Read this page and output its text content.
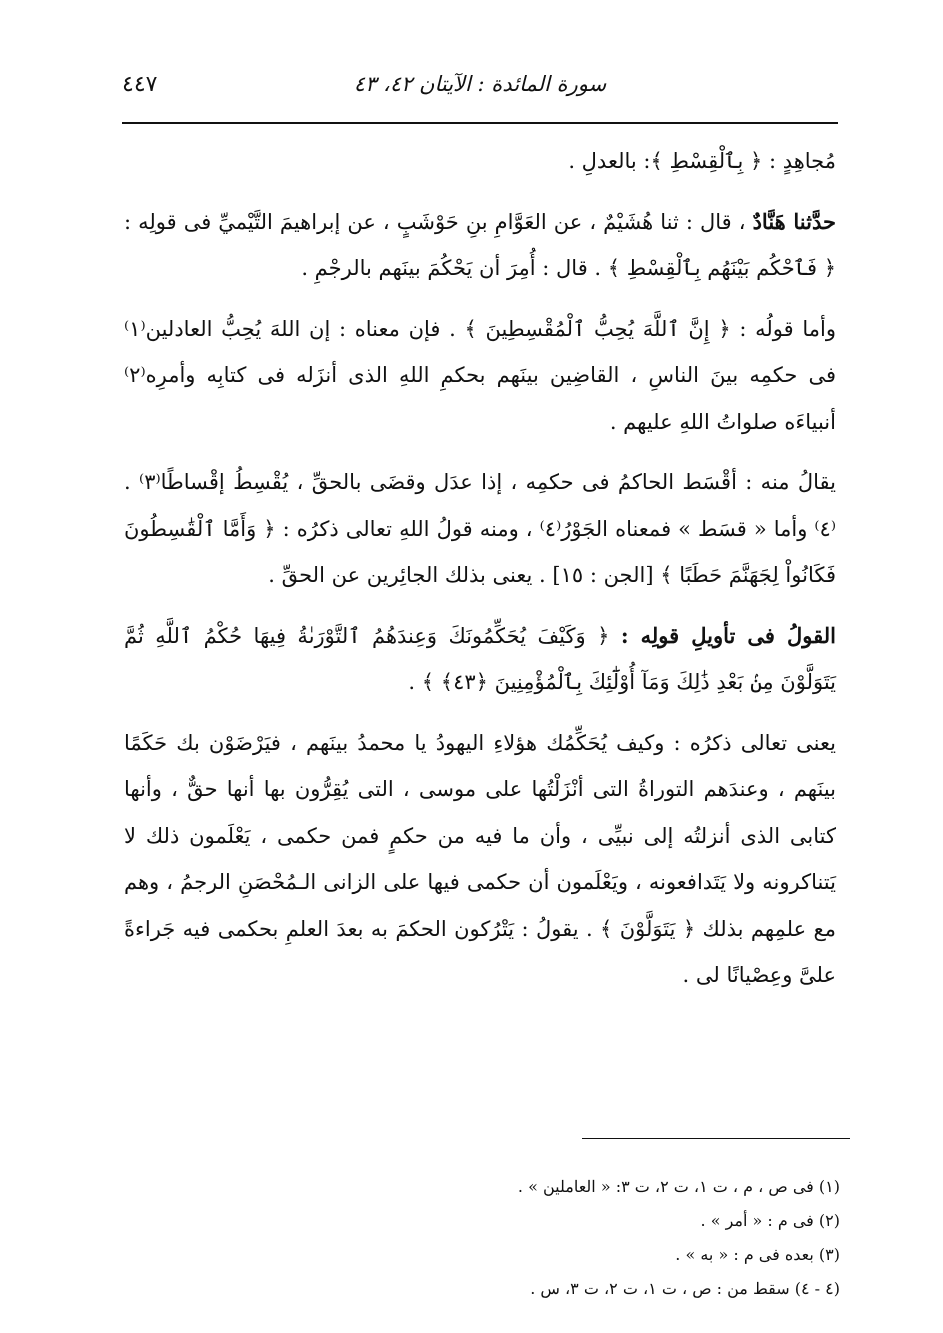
سورة المائدة : الآيتان ٤٢، ٤٣
٤٤٧

مُجاهِدٍ : ﴿ بِٱلْقِسْطِ ﴾: بالعدلِ .

حدَّثنا هَنَّادٌ ، قال : ثنا هُشَيْمٌ ، عن العَوَّامِ بنِ حَوْشَبٍ ، عن إبراهيمَ التَّيْميِّ فى قولِه : ﴿ فَٱحْكُم بَيْنَهُم بِٱلْقِسْطِ ﴾ . قال : أُمِرَ أن يَحْكُمَ بينَهم بالرجْمِ .

وأما قولُه : ﴿ إِنَّ ٱللَّهَ يُحِبُّ ٱلْمُقْسِطِينَ ﴾ . فإن معناه : إن اللهَ يُحِبُّ العادلين⁽١⁾ فى حكمِه بينَ الناسِ ، القاضِين بينَهم بحكمِ اللهِ الذى أنزَله فى كتابِه وأمرِه⁽٢⁾ أنبياءَه صلواتُ اللهِ عليهم .

يقالُ منه : أقْسَط الحاكمُ فى حكمِه ، إذا عدَل وقضَى بالحقِّ ، يُقْسِطُ إقْساطًا⁽٣⁾ . ⁽٤⁾ وأما « قسَط » فمعناه الجَوْرُ⁽٤⁾ ، ومنه قولُ اللهِ تعالى ذكرُه : ﴿ وَأَمَّا ٱلْقَٰسِطُونَ فَكَانُواْ لِجَهَنَّمَ حَطَبًا ﴾ [الجن : ١٥] . يعنى بذلك الجائِرين عن الحقِّ .

القولُ فى تأويلِ قولِه : ﴿ وَكَيْفَ يُحَكِّمُونَكَ وَعِندَهُمُ ٱلتَّوْرَىٰةُ فِيهَا حُكْمُ ٱللَّهِ ثُمَّ يَتَوَلَّوْنَ مِنۢ بَعْدِ ذَٰلِكَ وَمَآ أُوْلَٰٓئِكَ بِٱلْمُؤْمِنِينَ ﴿٤٣﴾ ﴾ .

يعنى تعالى ذكرُه : وكيف يُحَكِّمُك هؤلاءِ اليهودُ يا محمدُ بينَهم ، فيَرْضَوْن بك حَكَمًا بينَهم ، وعندَهم التوراةُ التى أنْزَلْتُها على موسى ، التى يُقِرُّون بها أنها حقٌّ ، وأنها كتابى الذى أنزلتُه إلى نبيِّى ، وأن ما فيه من حكمٍ فمن حكمى ، يَعْلَمون ذلك لا يَتناكرونه ولا يَتَدافعونه ، ويَعْلَمون أن حكمى فيها على الزانى الـمُحْصَنِ الرجمُ ، وهم مع علمِهم بذلك ﴿ يَتَوَلَّوْنَ ﴾ . يقولُ : يَتْرُكون الحكمَ به بعدَ العلمِ بحكمى فيه جَراءةً علىَّ وعِصْيانًا لى .

(١) فى ص ، م ، ت ١، ت ٢، ت ٣: « العاملين » .
(٢) فى م : « أمر » .
(٣) بعده فى م : « به » .
(٤ - ٤) سقط من : ص ، ت ١، ت ٢، ت ٣، س .
